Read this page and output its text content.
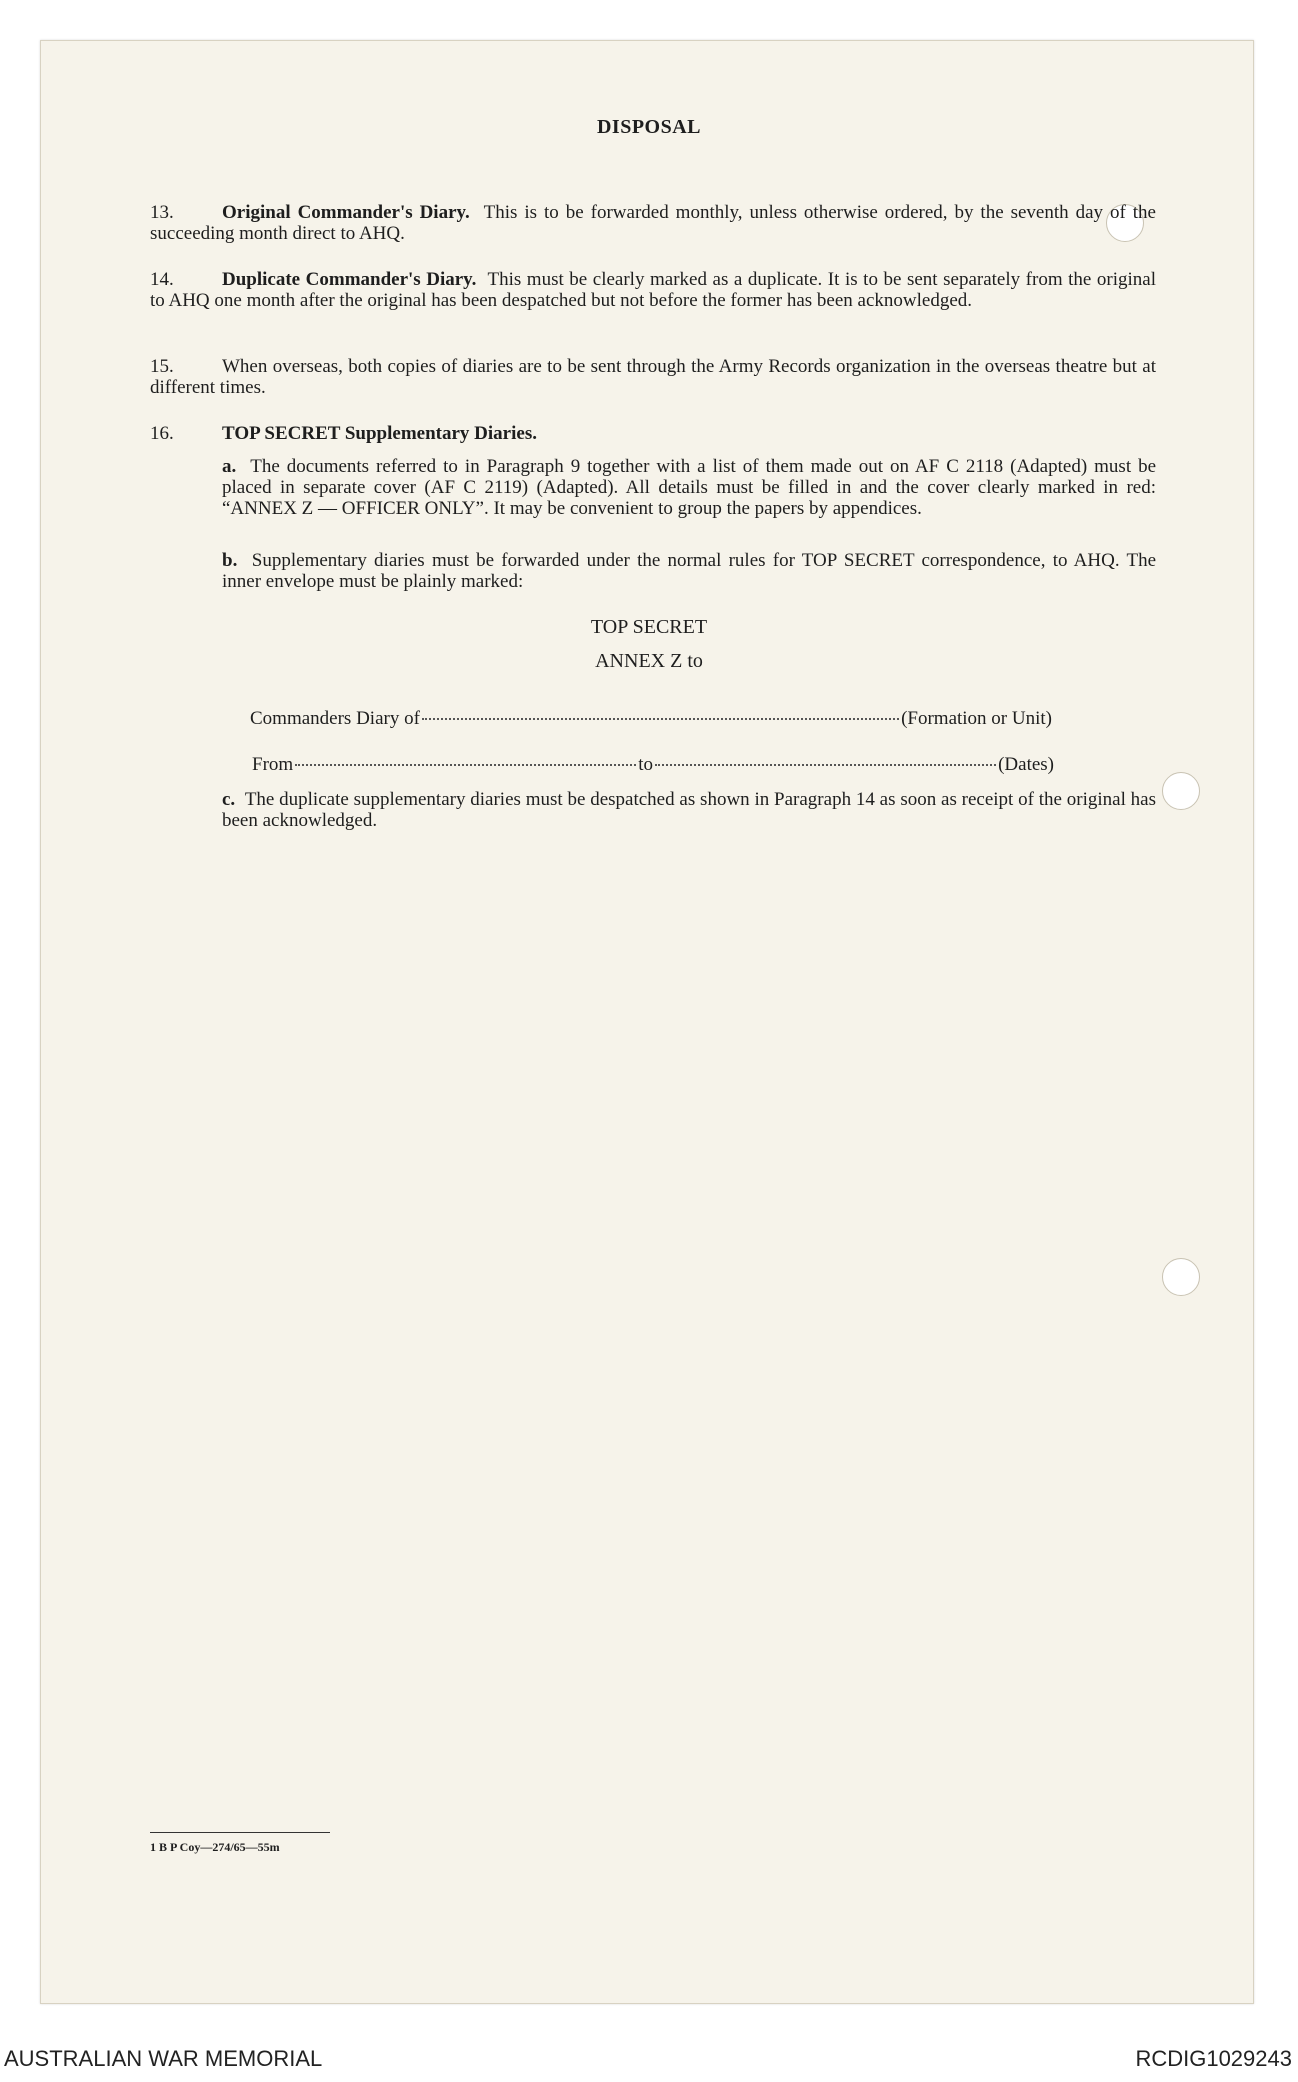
DISPOSAL
13.	Original Commander's Diary. This is to be forwarded monthly, unless otherwise ordered, by the seventh day of the succeeding month direct to AHQ.
14.	Duplicate Commander's Diary. This must be clearly marked as a duplicate. It is to be sent separately from the original to AHQ one month after the original has been despatched but not before the former has been acknowledged.
15.	When overseas, both copies of diaries are to be sent through the Army Records organization in the overseas theatre but at different times.
16.	TOP SECRET Supplementary Diaries.
a. The documents referred to in Paragraph 9 together with a list of them made out on AF C 2118 (Adapted) must be placed in separate cover (AF C 2119) (Adapted). All details must be filled in and the cover clearly marked in red: “ANNEX Z — OFFICER ONLY”. It may be convenient to group the papers by appendices.
b. Supplementary diaries must be forwarded under the normal rules for TOP SECRET correspondence, to AHQ. The inner envelope must be plainly marked:
TOP SECRET
ANNEX Z to
Commanders Diary of	(Formation or Unit)
From	to	(Dates)
c. The duplicate supplementary diaries must be despatched as shown in Paragraph 14 as soon as receipt of the original has been acknowledged.
1 B P Coy—274/65—55m
AUSTRALIAN WAR MEMORIAL	RCDIG1029243
